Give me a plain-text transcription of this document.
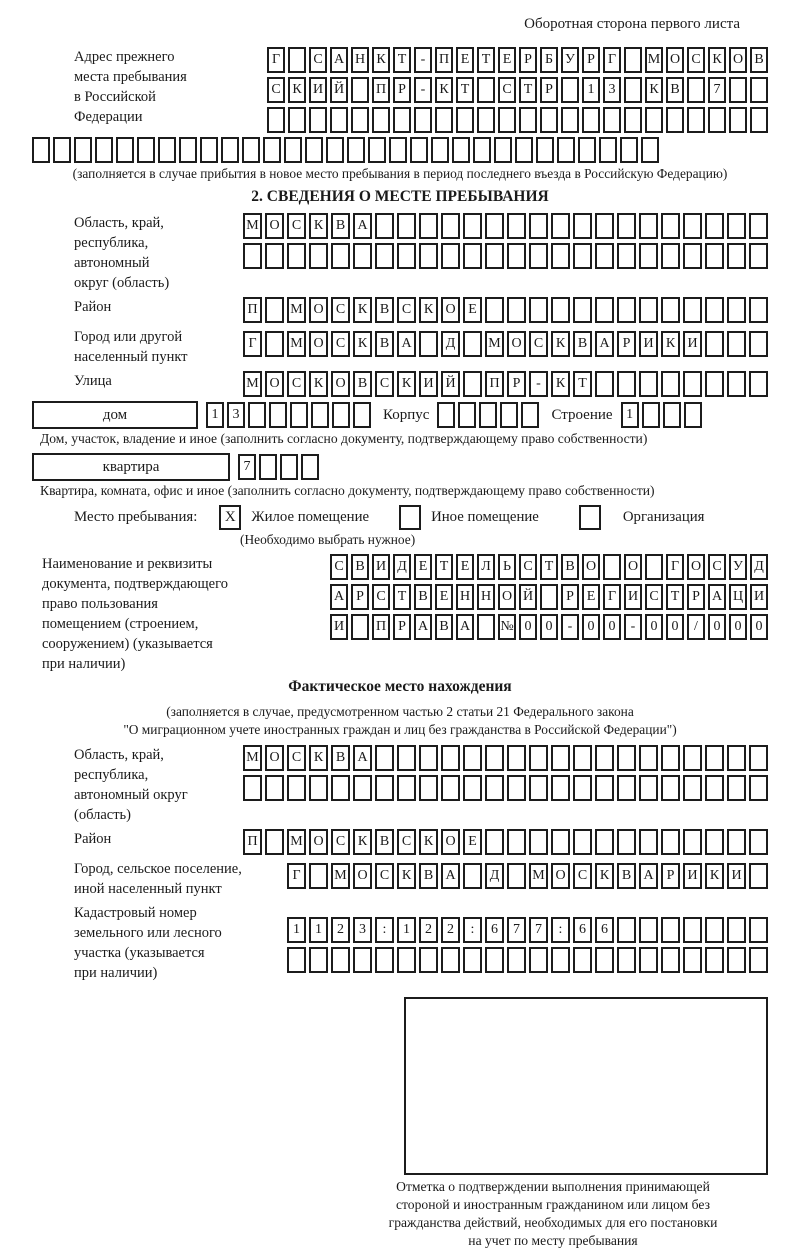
Оборотная сторона первого листа
Адрес прежнего
места пребывания
в Российской
Федерации
Г	С А Н К Т	- П Е Т Е Р Б У Р Г	М О С К О В
С К И Й П Р	-	К Т	С Т Р	1	3	К В	7
(заполняется в случае прибытия в новое место пребывания в период последнего въезда в Российскую Федерацию)
2. СВЕДЕНИЯ О МЕСТЕ ПРЕБЫВАНИЯ
Область, край,
республика,
автономный
округ (область)
М О С К В А
Район	П	М О С К В С К О Е
Город или другой
населенный пункт
Г	М О С К В А	Д	М О С К В А Р И К И
Улица	М О С К О В С К И Й	П Р	-	К Т
дом	1	3	Корпус	Строение 1
Дом, участок, владение и иное (заполнить согласно документу, подтверждающему право собственности)
квартира	7
Квартира, комната, офис и иное (заполнить согласно документу, подтверждающему право собственности)
Место пребывания:	X	Жилое помещение	Иное помещение	Организация
(Необходимо выбрать нужное)
Наименование и реквизиты
документа, подтверждающего
право пользования
помещением (строением,
сооружением) (указывается
при наличии)
С В И Д Е Т Е Л Ь С Т В О О	Г О С У Д
А Р С Т В Е Н Н О Й	Р Е Г И С Т Р А Ц И
И П Р А В А № 0	0	-	0	0	-	0	0	/	0	0	0
Фактическое место нахождения
(заполняется в случае, предусмотренном частью 2 статьи 21 Федерального закона
"О миграционном учете иностранных граждан и лиц без гражданства в Российской Федерации")
Область, край,
республика,
автономный округ
(область)
М О С К В А
Район	П	М О С К В С К О Е
Город, сельское поселение,
иной населенный пункт
Г	М О С К В А	Д	М О С К В А Р И К И
Кадастровый номер
земельного или лесного
участка (указывается
при наличии)
1	1	2	3	:	1	2	2	:	6	7	7	:	6	6
Отметка о подтверждении выполнения принимающей
стороной и иностранным гражданином или лицом без
гражданства действий, необходимых для его постановки
на учет по месту пребывания
